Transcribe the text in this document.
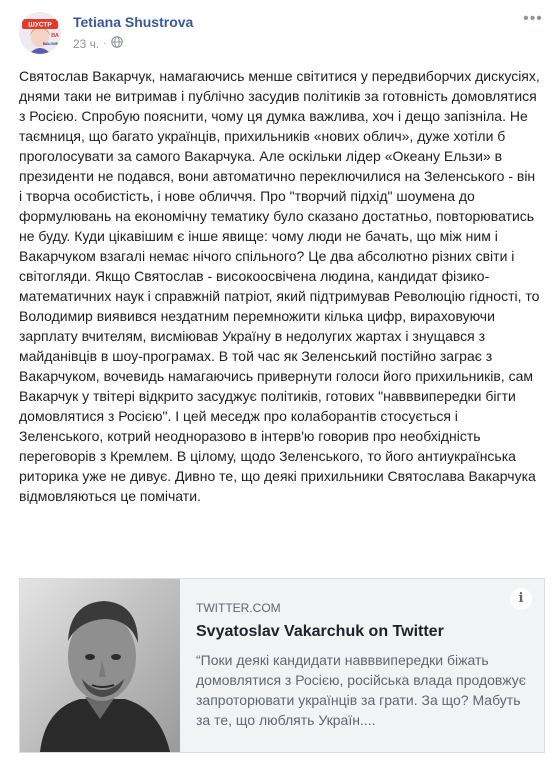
ШУСТР
ВА
ВАШ ВИБІР
Tetiana Shustrova
23 ч. ·
•••
Святослав Вакарчук, намагаючись менше світитися у передвиборчих дискусіях, днями таки не витримав і публічно засудив політиків за готовність домовлятися з Росією. Спробую пояснити, чому ця думка важлива, хоч і дещо запізніла. Не таємниця, що багато українців, прихильників «нових облич», дуже хотіли б проголосувати за самого Вакарчука. Але оскільки лідер «Океану Ельзи» в президенти не подався, вони автоматично переключилися на Зеленського - він і творча особистість, і нове обличчя. Про "творчий підхід" шоумена до формулювань на економічну тематику було сказано достатньо, повторюватись не буду. Куди цікавішим є інше явище: чому люди не бачать, що між ним і Вакарчуком взагалі немає нічого спільного? Це два абсолютно різних світи і світогляди. Якщо Святослав - високоосвічена людина, кандидат фізико-математичних наук і справжній патріот, який підтримував Революцію гідності, то Володимир виявився нездатним перемножити кілька цифр, вираховуючи зарплату вчителям, висміював Україну в недолугих жартах і знущався з майданівців в шоу-програмах. В той час як Зеленський постійно заграє з Вакарчуком, вочевидь намагаючись привернути голоси його прихильників, сам Вакарчук у твітері відкрито засуджує політиків, готових "навввипередки бігти домовлятися з Росією". І цей меседж про колаборантів стосується і Зеленського, котрий неодноразово в інтерв'ю говорив про необхідність переговорів з Кремлем. В цілому, щодо Зеленського, то його антиукраїнська риторика уже не дивує. Дивно те, що деякі прихильники Святослава Вакарчука відмовляються це помічати.
TWITTER.COM
Svyatoslav Vakarchuk on Twitter
“Поки деякі кандидати навввипередки біжать домовлятися з Росією, російська влада продовжує запроторювати українців за грати. За що? Мабуть за те, що люблять Україн....
i
